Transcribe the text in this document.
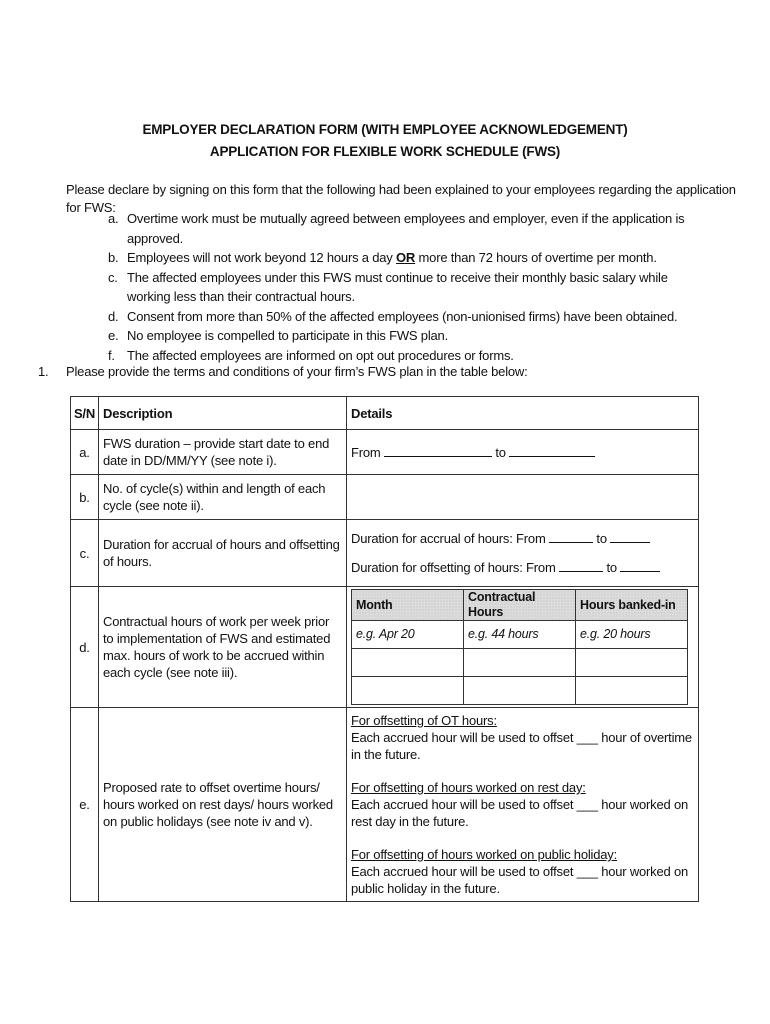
EMPLOYER DECLARATION FORM (WITH EMPLOYEE ACKNOWLEDGEMENT)
APPLICATION FOR FLEXIBLE WORK SCHEDULE (FWS)
Please declare by signing on this form that the following had been explained to your employees regarding the application for FWS:
a. Overtime work must be mutually agreed between employees and employer, even if the application is approved.
b. Employees will not work beyond 12 hours a day OR more than 72 hours of overtime per month.
c. The affected employees under this FWS must continue to receive their monthly basic salary while working less than their contractual hours.
d. Consent from more than 50% of the affected employees (non-unionised firms) have been obtained.
e. No employee is compelled to participate in this FWS plan.
f. The affected employees are informed on opt out procedures or forms.
1. Please provide the terms and conditions of your firm’s FWS plan in the table below:
S/N	Description	Details
a.	FWS duration – provide start date to end date in DD/MM/YY (see note i).	From	to
b.	No. of cycle(s) within and length of each cycle (see note ii).	
c.	Duration for accrual of hours and offsetting of hours.	
Duration for accrual of hours: From	to
Duration for offsetting of hours: From	to

d.	Contractual hours of work per week prior to implementation of FWS and estimated max. hours of work to be accrued within each cycle (see note iii).	
Month	Contractual Hours	Hours banked-in
e.g. Apr 20	e.g. 44 hours	e.g. 20 hours

e.	Proposed rate to offset overtime hours/ hours worked on rest days/ hours worked on public holidays (see note iv and v).	
For offsetting of OT hours:
Each accrued hour will be used to offset ___ hour of overtime in the future.
For offsetting of hours worked on rest day:
Each accrued hour will be used to offset ___ hour worked on rest day in the future.
For offsetting of hours worked on public holiday:
Each accrued hour will be used to offset ___ hour worked on public holiday in the future.
